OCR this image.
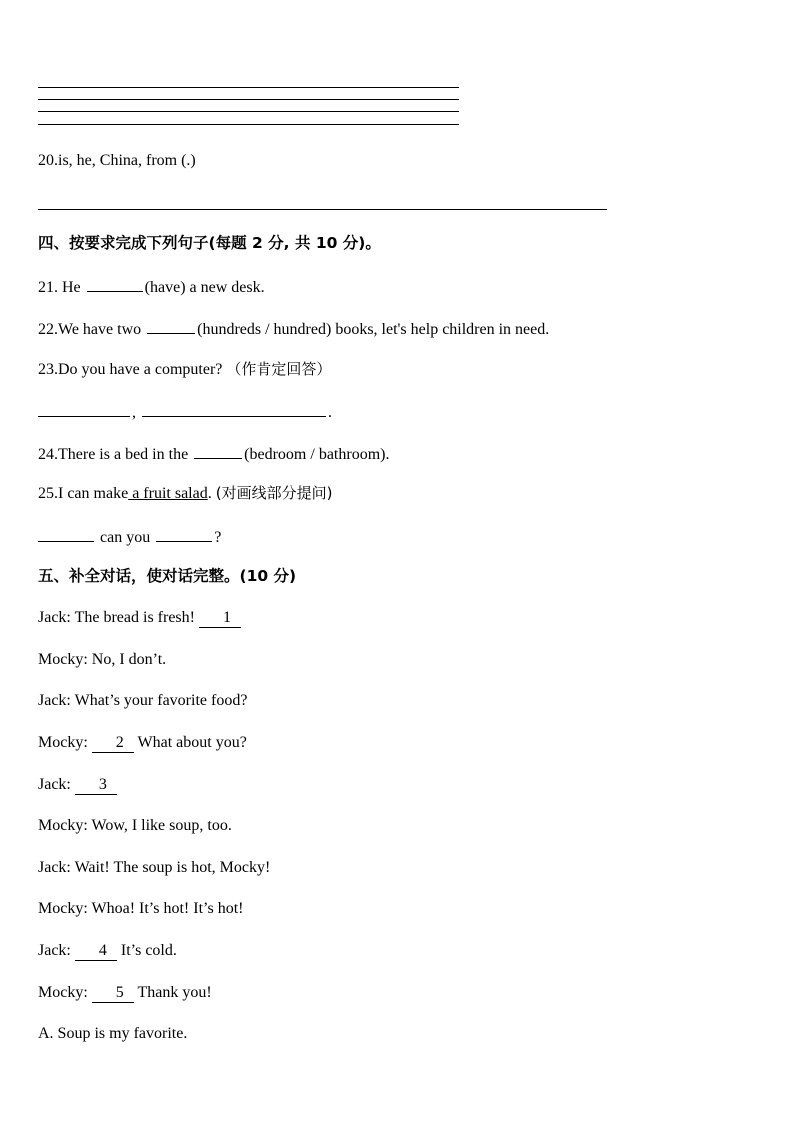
20.is, he, China, from (.)
四、按要求完成下列句子(每题 2 分, 共 10 分)。
21. He	(have) a new desk.
22.We have two	(hundreds / hundred) books, let's help children in need.
23.Do you have a computer? （作肯定回答）
,	.
24.There is a bed in the	(bedroom / bathroom).
25.I can make a fruit salad. (对画线部分提问)
can you	?
五、补全对话，使对话完整。(10 分)
Jack: The bread is fresh! 1
Mocky: No, I don’t.
Jack: What’s your favorite food?
Mocky: 2 What about you?
Jack: 3
Mocky: Wow, I like soup, too.
Jack: Wait! The soup is hot, Mocky!
Mocky: Whoa! It’s hot! It’s hot!
Jack: 4 It’s cold.
Mocky: 5 Thank you!
A. Soup is my favorite.
